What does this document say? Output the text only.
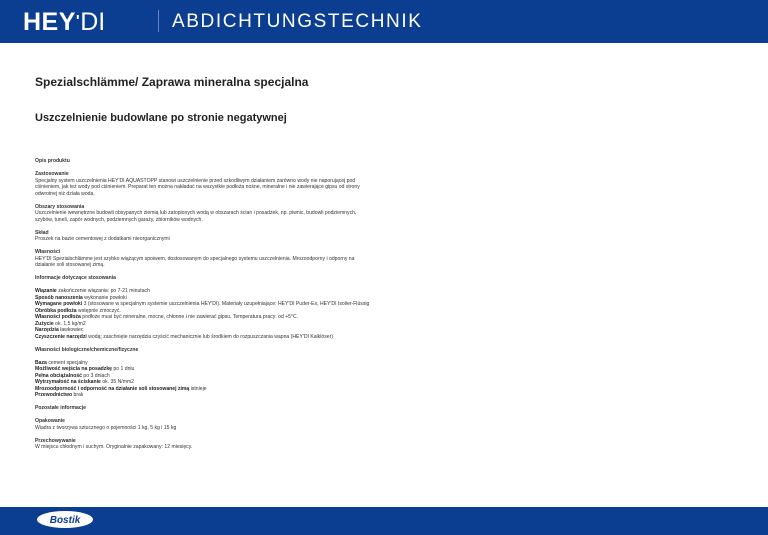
HEY'DI	ABDICHTUNGSTECHNIK
Spezialschlämme/ Zaprawa mineralna specjalna
Uszczelnienie budowlane po stronie negatywnej

Opis produktu

Zastosowanie

Specjalny system uszczelnienia HEY'DI AQUASTOPP stanowi uszczelnienie przed szkodliwym działaniem zarówno wody nie naporującej pod ciśnieniem, jak też wody pod ciśnieniem. Preparat ten można nakładać na wszystkie podłoża nośne, mineralne i nie zawierające gipsu od strony odwrotnej niż działa woda.

Obszary stosowania

Uszczelnienie wewnętrzne budowli obsypanych ziemią lub zatopionych wodą w obszarach ścian i posadzek, np. piwnic, budowli podziemnych, szybów, tuneli, zapór wodnych, podziemnych garaży, zbiorników wodnych.

Skład

Proszek na bazie cementowej z dodatkami nieorganicznymi

Własności

HEY'DI Spezialschlämme jest szybko wiążącym spoiwem, dostosowanym do specjalnego systemu uszczelnienia. Mrozoodporny i odporny na działanie soli stosowanej zimą.

Informacje dotyczące stosowania

Wiązanie zakończenie wiązania: po 7-21 minutach

Sposób nanoszenia wykonanie powłoki

Wymagane powłoki 3 (stosowane w specjalnym systemie uszczelnienia HEY'DI). Materiały uzupełniające: HEY'DI Puder-Ex, HEY'DI Isolier-Flüssig

Obróbka podłoża wstępnie zmoczyć.

Własności podłoża podłoże musi być mineralne, mocne, chłonne i nie zawierać gipsu. Temperatura pracy: od +5°C.

Zużycie ok. 1,5 kg/m2

Narzędzia ławkowiec

Czyszczenie narzędzi wodą; zaschnięte narzędzia czyścić mechanicznie lub środkiem do rozpuszczania wapna (HEY'DI Kalklöser)

Własności biologiczne/chemiczne/fizyczne

Baza cement specjalny

Możliwość wejścia na posadzkę po 1 dniu

Pełna obciążalność po 3 dniach

Wytrzymałość na ściskanie ok. 35 N/mm2

Mrozoodporność i odporność na działanie soli stosowanej zimą istnieje

Przewodnictwo brak

Pozostałe informacje

Opakowanie

Wiadra z tworzywa sztucznego o pojemności 1 kg, 5 kg i 15 kg

Przechowywanie

W miejscu chłodnym i suchym. Oryginalnie zapakowany: 12 miesięcy.

Bostik
